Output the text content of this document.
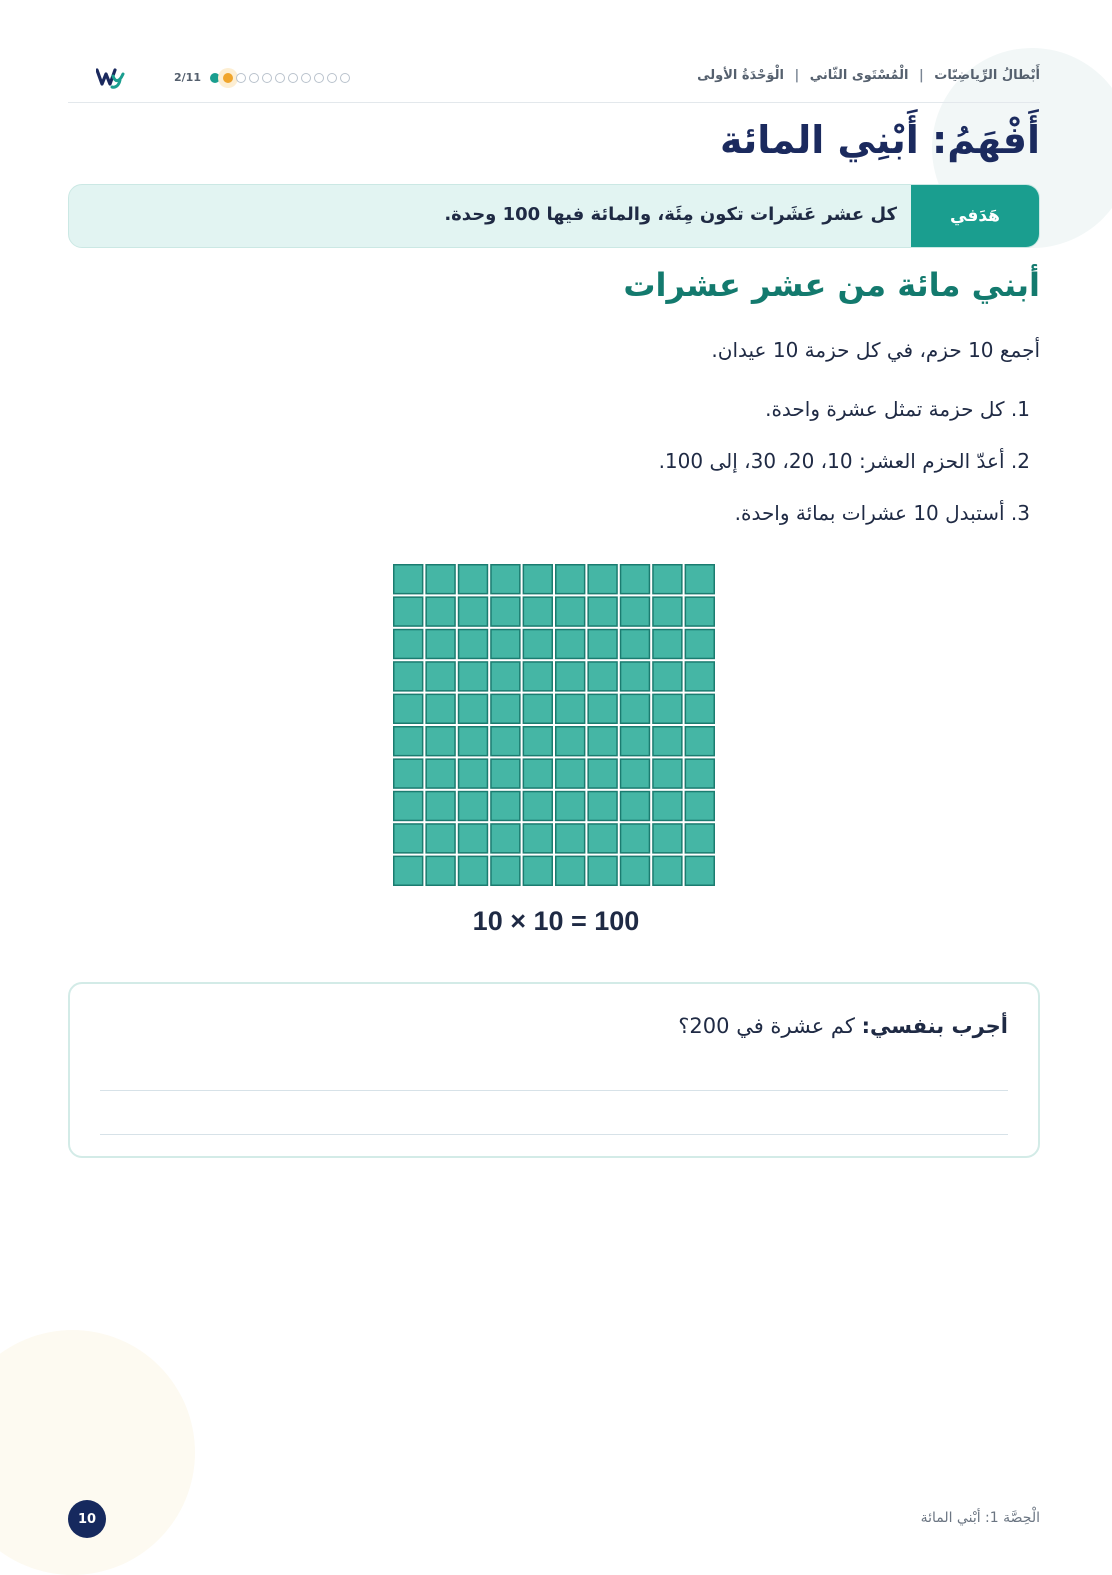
2/11	أَبْطالُ الرِّياضِيّات | الْمُسْتَوى الثّاني | الْوَحْدَةُ الأولى
أَفْهَمُ: أَبْنِي المائة
هَدَفي
كل عشر عَشَرات تكون مِئَة، والمائة فيها 100 وحدة.
أبني مائة من عشر عشرات
أجمع 10 حزم، في كل حزمة 10 عيدان.
1. كل حزمة تمثل عشرة واحدة.
2. أعدّ الحزم العشر: 10، 20، 30، إلى 100.
3. أستبدل 10 عشرات بمائة واحدة.
10 × 10 = 100
أجرب بنفسي: كم عشرة في 200؟
10	الْحِصَّة 1: أبْني المائة
